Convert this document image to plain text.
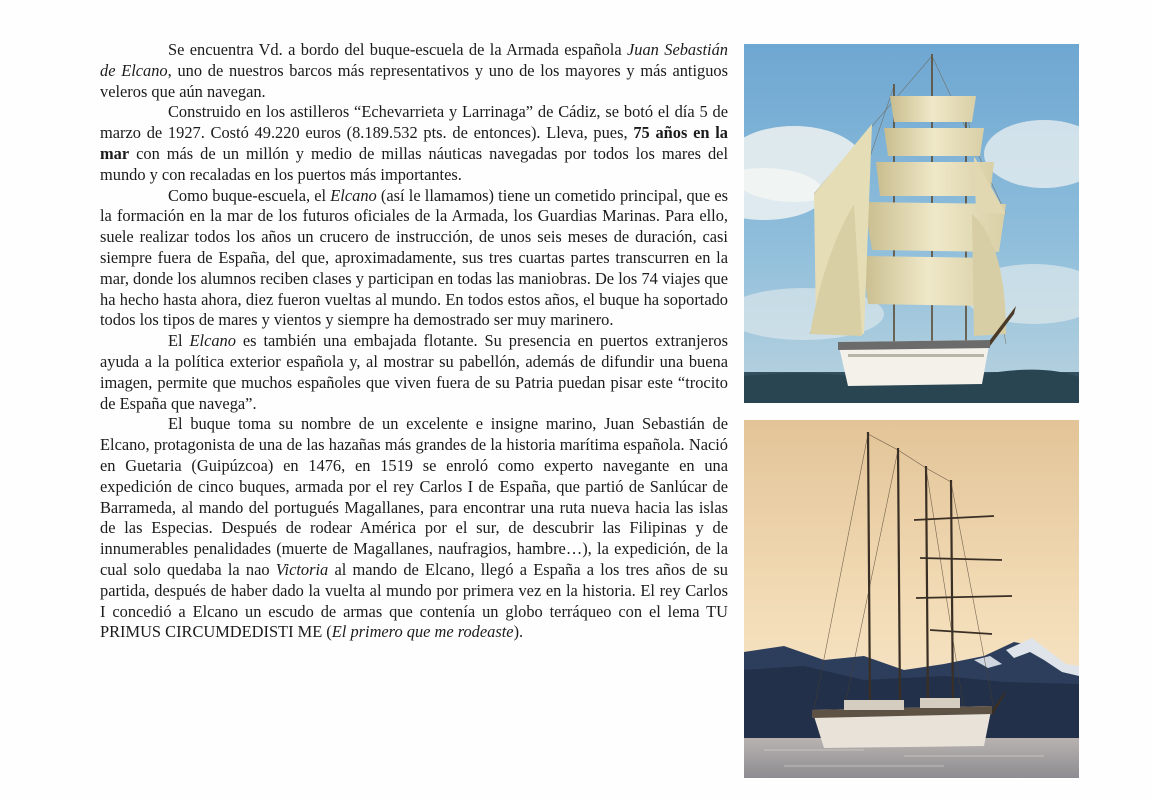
Se encuentra Vd. a bordo del buque-escuela de la Armada española Juan Sebastián de Elcano, uno de nuestros barcos más representativos y uno de los mayores y más antiguos veleros que aún navegan.

Construido en los astilleros “Echevarrieta y Larrinaga” de Cádiz, se botó el día 5 de marzo de 1927. Costó 49.220 euros (8.189.532 pts. de entonces). Lleva, pues, 75 años en la mar con más de un millón y medio de millas náuticas navegadas por todos los mares del mundo y con recaladas en los puertos más importantes.

Como buque-escuela, el Elcano (así le llamamos) tiene un cometido principal, que es la formación en la mar de los futuros oficiales de la Armada, los Guardias Marinas. Para ello, suele realizar todos los años un crucero de instrucción, de unos seis meses de duración, casi siempre fuera de España, del que, aproximadamente, sus tres cuartas partes transcurren en la mar, donde los alumnos reciben clases y participan en todas las maniobras. De los 74 viajes que ha hecho hasta ahora, diez fueron vueltas al mundo. En todos estos años, el buque ha soportado todos los tipos de mares y vientos y siempre ha demostrado ser muy marinero.

El Elcano es también una embajada flotante. Su presencia en puertos extranjeros ayuda a la política exterior española y, al mostrar su pabellón, además de difundir una buena imagen, permite que muchos españoles que viven fuera de su Patria puedan pisar este “trocito de España que navega”.

El buque toma su nombre de un excelente e insigne marino, Juan Sebastián de Elcano, protagonista de una de las hazañas más grandes de la historia marítima española. Nació en Guetaria (Guipúzcoa) en 1476, en 1519 se enroló como experto navegante en una expedición de cinco buques, armada por el rey Carlos I de España, que partió de Sanlúcar de Barrameda, al mando del portugués Magallanes, para encontrar una ruta nueva hacia las islas de las Especias. Después de rodear América por el sur, de descubrir las Filipinas y de innumerables penalidades (muerte de Magallanes, naufragios, hambre…), la expedición, de la cual solo quedaba la nao Victoria al mando de Elcano, llegó a España a los tres años de su partida, después de haber dado la vuelta al mundo por primera vez en la historia. El rey Carlos I concedió a Elcano un escudo de armas que contenía un globo terráqueo con el lema TU PRIMUS CIRCUMDEDISTI ME (El primero que me rodeaste).
